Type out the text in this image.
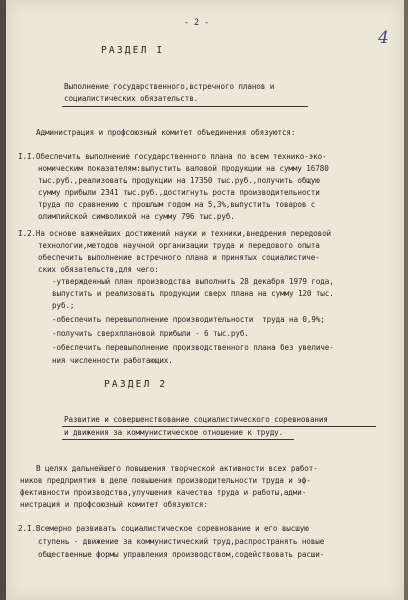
- 2 -
4
РАЗДЕЛ I
Выполнение государственного,встречного планов и
социалистических обязательств.
Администрация и профсоюзный комитет объединения обязуются:
I.I.Обеспечить выполнение государственного плана по всем технико-эко-
номическим показателям:выпустить валовой продукции на сумму 16780
тыс.руб.,реализовать продукции на 17350 тыс.руб.,получить общую
сумму прибыли 2341 тыс.руб.,достигнуть роста производительности
труда по сравнению с прошлым годом на 5,3%,выпустить товаров с
олимпийской символикой на сумму 796 тыс.руб.
I.2.На основе важнейших достижений науки и техники,внедрения передовой
технологии,методов научной организации труда и передового опыта
обеспечить выполнение встречного плана и принятых социалистиче-
ских обязательств,для чего:
-утвержденный план производства выполнить 28 декабря 1979 года,
выпустить и реализовать продукции сверх плана на сумму 120 тыс.
руб.;
-обеспечить перевыполнение производительности  труда на 0,9%;
-получить сверхплановой прибыли - 6 тыс.руб.
-обеспечить перевыполнение производственного плана без увеличе-
ния численности работающих.
РАЗДЕЛ 2
Развитие и совершенствование социалистического соревнования
и движения за коммунистическое отношение к труду.
В целях дальнейшего повышения творческой активности всех работ-
ников предприятия в деле повышения производительности труда и эф-
фективности производства,улучшения качества труда и работы,адми-
нистрация и профсоюзный комитет обязуются:
2.I.Всемерно развивать социалистическое соревнование и его высшую
ступень - движение за коммунистический труд,распространять новые
общественные формы управления производством,содействовать расши-
